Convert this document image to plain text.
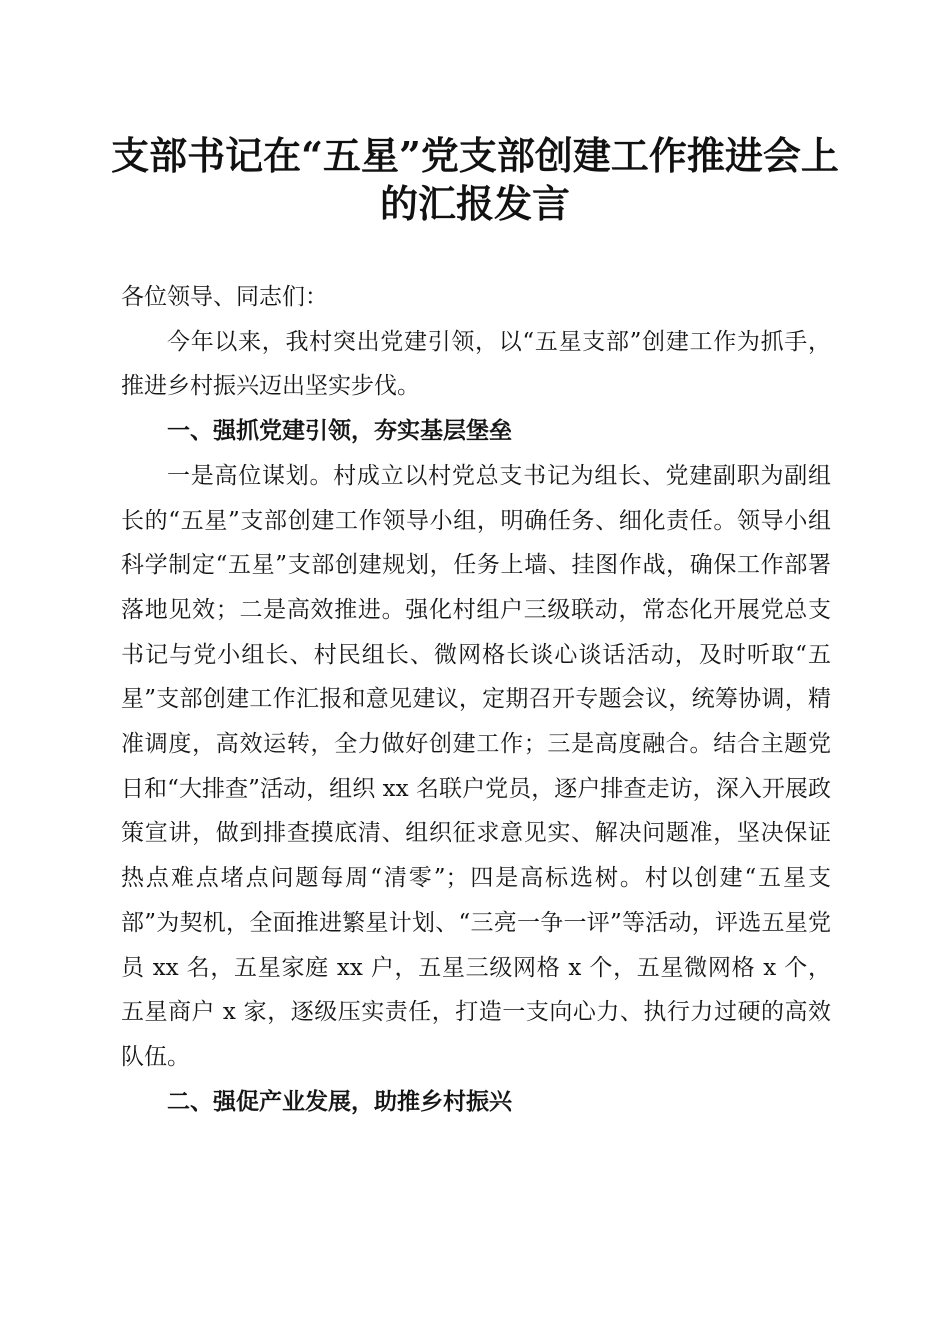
支部书记在“五星”党支部创建工作推进会上
的汇报发言

各位领导、同志们：

今年以来，我村突出党建引领，以“五星支部”创建工作为抓手，推进乡村振兴迈出坚实步伐。

一、强抓党建引领，夯实基层堡垒

一是高位谋划。村成立以村党总支书记为组长、党建副职为副组长的“五星”支部创建工作领导小组，明确任务、细化责任。领导小组科学制定“五星”支部创建规划，任务上墙、挂图作战，确保工作部署落地见效；二是高效推进。强化村组户三级联动，常态化开展党总支书记与党小组长、村民组长、微网格长谈心谈话活动，及时听取“五星”支部创建工作汇报和意见建议，定期召开专题会议，统筹协调，精准调度，高效运转，全力做好创建工作；三是高度融合。结合主题党日和“大排查”活动，组织 xx 名联户党员，逐户排查走访，深入开展政策宣讲，做到排查摸底清、组织征求意见实、解决问题准，坚决保证热点难点堵点问题每周“清零”；四是高标选树。村以创建“五星支部”为契机，全面推进繁星计划、“三亮一争一评”等活动，评选五星党员 xx 名，五星家庭 xx 户，五星三级网格 x 个，五星微网格 x 个，五星商户 x 家，逐级压实责任，打造一支向心力、执行力过硬的高效队伍。

二、强促产业发展，助推乡村振兴
